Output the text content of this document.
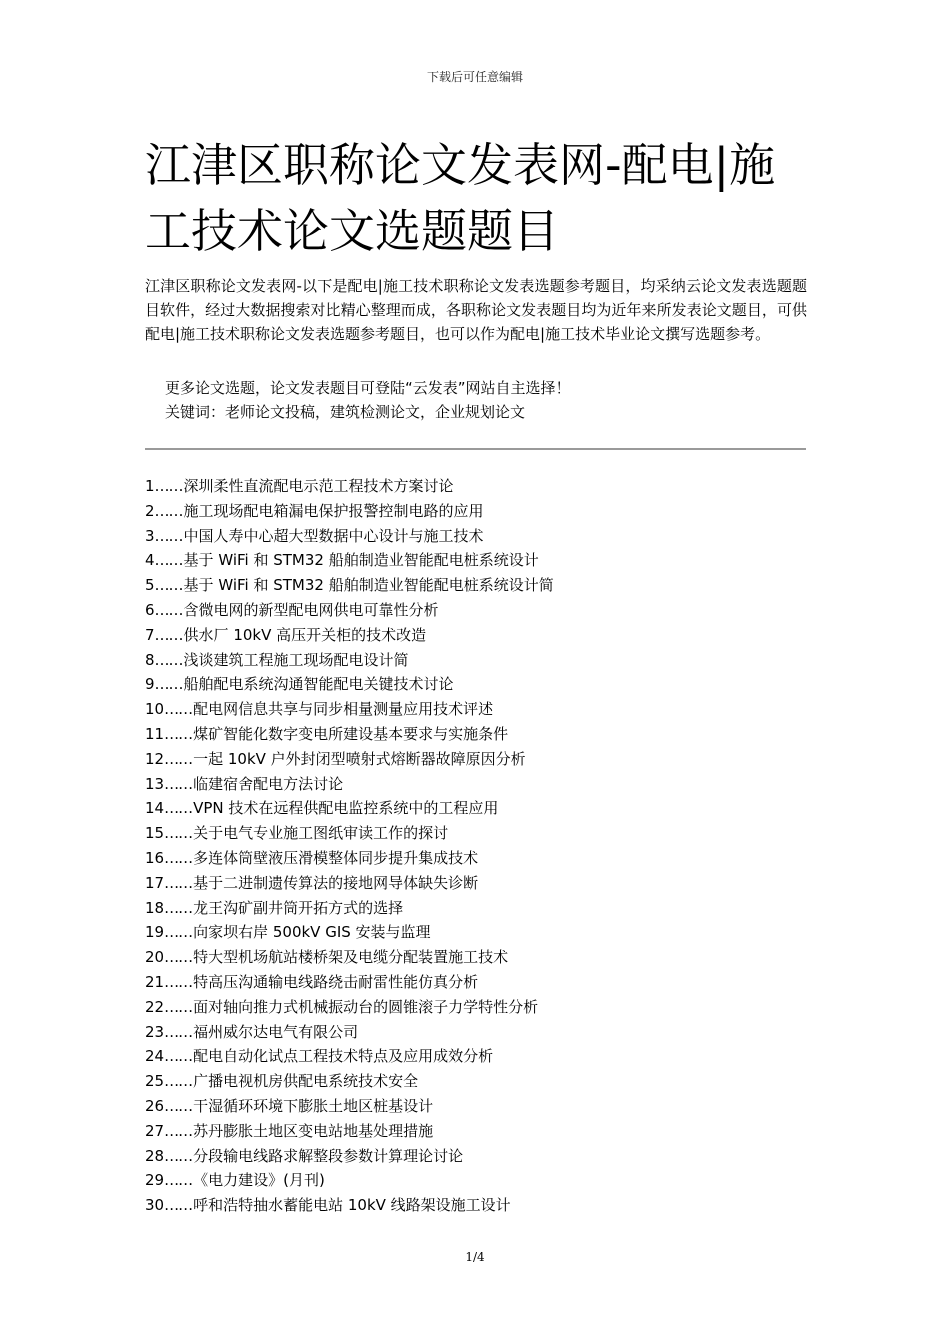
下载后可任意编辑
江津区职称论文发表网-配电|施工技术论文选题题目

江津区职称论文发表网-以下是配电|施工技术职称论文发表选题参考题目，均采纳云论文发表选题题目软件，经过大数据搜索对比精心整理而成，各职称论文发表题目均为近年来所发表论文题目，可供配电|施工技术职称论文发表选题参考题目，也可以作为配电|施工技术毕业论文撰写选题参考。

更多论文选题，论文发表题目可登陆“云发表”网站自主选择！

关键词：老师论文投稿，建筑检测论文，企业规划论文

1……深圳柔性直流配电示范工程技术方案讨论
2……施工现场配电箱漏电保护报警控制电路的应用
3……中国人寿中心超大型数据中心设计与施工技术
4……基于 WiFi 和 STM32 船舶制造业智能配电桩系统设计
5……基于 WiFi 和 STM32 船舶制造业智能配电桩系统设计简
6……含微电网的新型配电网供电可靠性分析
7……供水厂 10kV 高压开关柜的技术改造
8……浅谈建筑工程施工现场配电设计简
9……船舶配电系统沟通智能配电关键技术讨论
10……配电网信息共享与同步相量测量应用技术评述
11……煤矿智能化数字变电所建设基本要求与实施条件
12……一起 10kV 户外封闭型喷射式熔断器故障原因分析
13……临建宿舍配电方法讨论
14……VPN 技术在远程供配电监控系统中的工程应用
15……关于电气专业施工图纸审读工作的探讨
16……多连体筒壁液压滑模整体同步提升集成技术
17……基于二进制遗传算法的接地网导体缺失诊断
18……龙王沟矿副井筒开拓方式的选择
19……向家坝右岸 500kV GIS 安装与监理
20……特大型机场航站楼桥架及电缆分配装置施工技术
21……特高压沟通输电线路绕击耐雷性能仿真分析
22……面对轴向推力式机械振动台的圆锥滚子力学特性分析
23……福州威尔达电气有限公司
24……配电自动化试点工程技术特点及应用成效分析
25……广播电视机房供配电系统技术安全
26……干湿循环环境下膨胀土地区桩基设计
27……苏丹膨胀土地区变电站地基处理措施
28……分段输电线路求解整段参数计算理论讨论
29……《电力建设》(月刊)
30……呼和浩特抽水蓄能电站 10kV 线路架设施工设计
1/4
